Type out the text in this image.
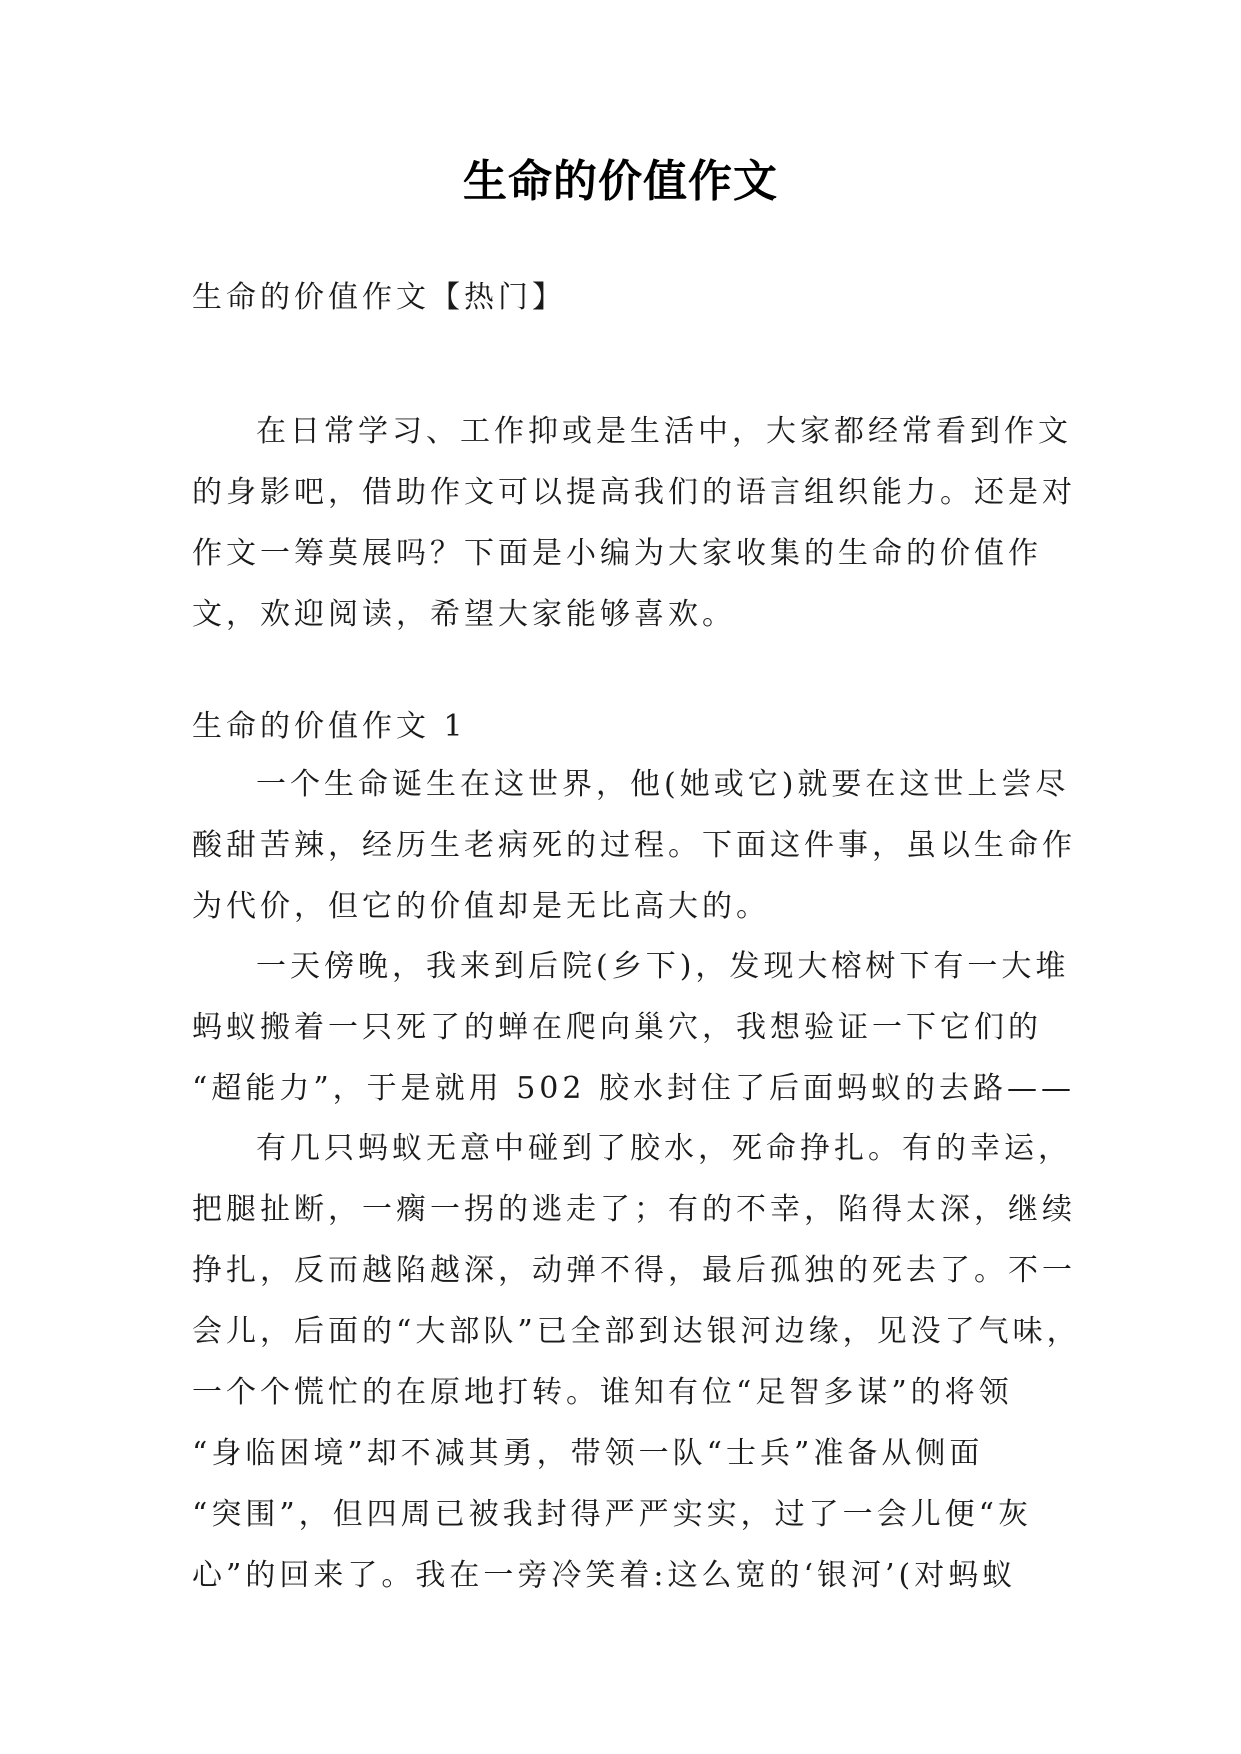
生命的价值作文
生命的价值作文【热门】
在日常学习、工作抑或是生活中，大家都经常看到作文
的身影吧，借助作文可以提高我们的语言组织能力。还是对
作文一筹莫展吗？下面是小编为大家收集的生命的价值作
文，欢迎阅读，希望大家能够喜欢。
生命的价值作文 1
一个生命诞生在这世界，他(她或它)就要在这世上尝尽
酸甜苦辣，经历生老病死的过程。下面这件事，虽以生命作
为代价，但它的价值却是无比高大的。
一天傍晚，我来到后院(乡下)，发现大榕树下有一大堆
蚂蚁搬着一只死了的蝉在爬向巢穴，我想验证一下它们的
“超能力”，于是就用 502 胶水封住了后面蚂蚁的去路——
有几只蚂蚁无意中碰到了胶水，死命挣扎。有的幸运，
把腿扯断，一瘸一拐的逃走了；有的不幸，陷得太深，继续
挣扎，反而越陷越深，动弹不得，最后孤独的死去了。不一
会儿，后面的“大部队”已全部到达银河边缘，见没了气味，
一个个慌忙的在原地打转。谁知有位“足智多谋”的将领
“身临困境”却不减其勇，带领一队“士兵”准备从侧面
“突围”，但四周已被我封得严严实实，过了一会儿便“灰
心”的回来了。我在一旁冷笑着:这么宽的‘银河’(对蚂蚁
